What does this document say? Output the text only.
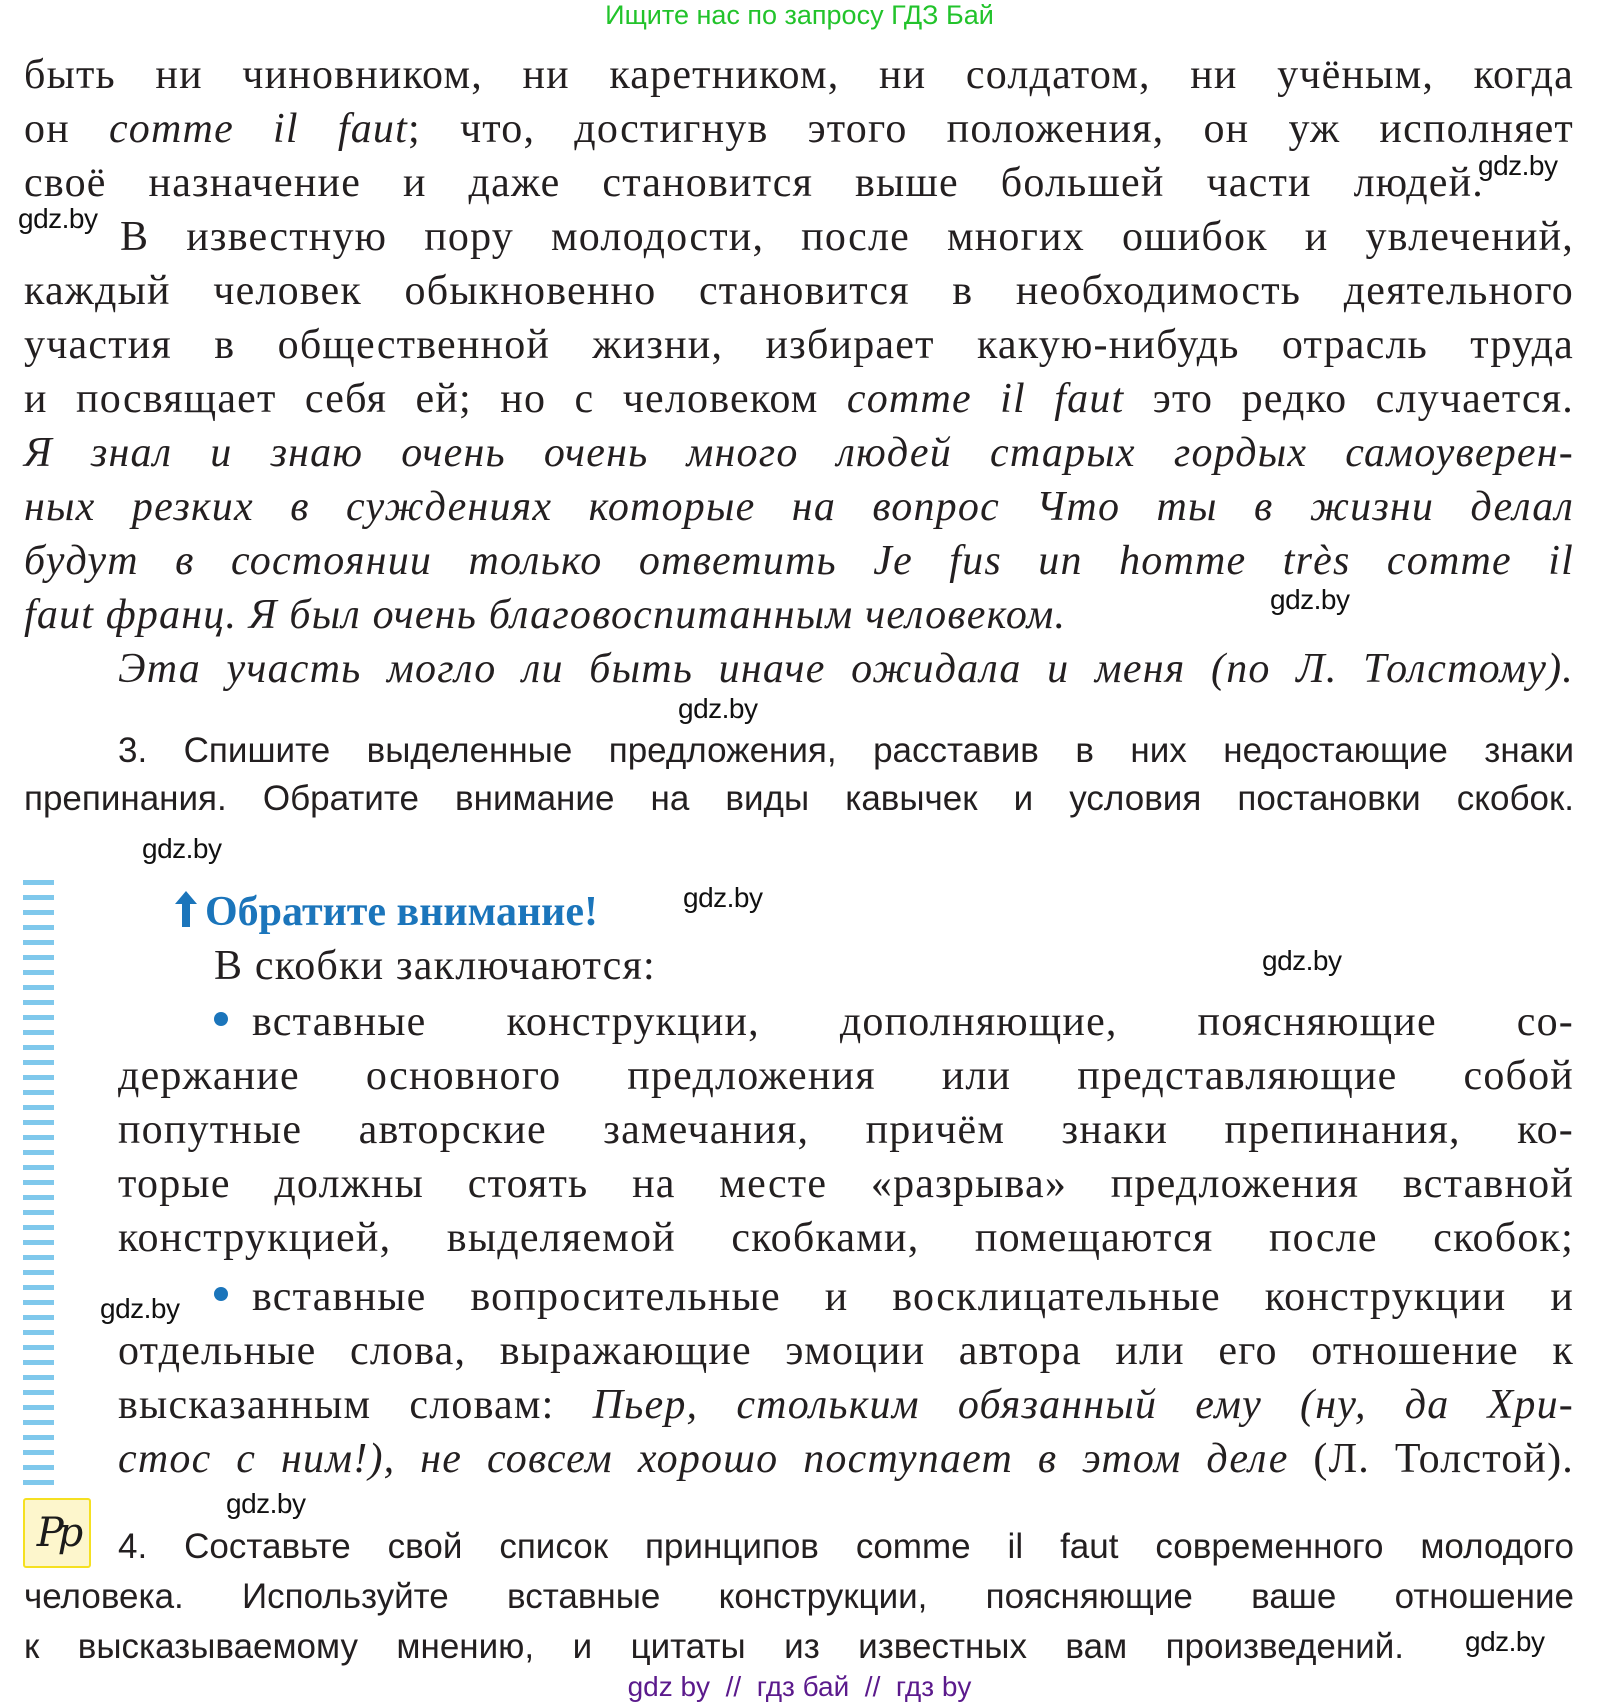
Ищите нас по запросу ГДЗ Бай
быть ни чиновником, ни каретником, ни солдатом, ни учёным, когда
он comme il faut; что, достигнув этого положения, он уж исполняет
своё назначение и даже становится выше большей части людей.
В известную пору молодости, после многих ошибок и увлечений,
каждый человек обыкновенно становится в необходимость деятельного
участия в общественной жизни, избирает какую-нибудь отрасль труда
и посвящает себя ей; но с человеком comme il faut это редко случается.
Я знал и знаю очень очень много людей старых гордых самоуверен-
ных резких в суждениях которые на вопрос Что ты в жизни делал
будут в состоянии только ответить Je fus un homme très comme il
faut франц. Я был очень благовоспитанным человеком.
Эта участь могло ли быть иначе ожидала и меня (по Л. Толстому).
gdz.by
gdz.by
gdz.by
gdz.by
gdz.by
gdz.by
gdz.by
gdz.by
gdz.by
gdz.by
3. Спишите выделенные предложения, расставив в них недостающие знаки
препинания. Обратите внимание на виды кавычек и условия постановки скобок.
Обратите внимание!
В скобки заключаются:
вставные конструкции, дополняющие, поясняющие со-
держание основного предложения или представляющие собой
попутные авторские замечания, причём знаки препинания, ко-
торые должны стоять на месте «разрыва» предложения вставной
конструкцией, выделяемой скобками, помещаются после скобок;
вставные вопросительные и восклицательные конструкции и
отдельные слова, выражающие эмоции автора или его отношение к
высказанным словам: Пьер, стольким обязанный ему (ну, да Хри-
стос с ним!), не совсем хорошо поступает в этом деле (Л. Толстой).
Pp 4. Составьте свой список принципов comme il faut современного молодого
человека. Используйте вставные конструкции, поясняющие ваше отношение
к высказываемому мнению, и цитаты из известных вам произведений.
gdz by  //  гдз бай  //  гдз by
